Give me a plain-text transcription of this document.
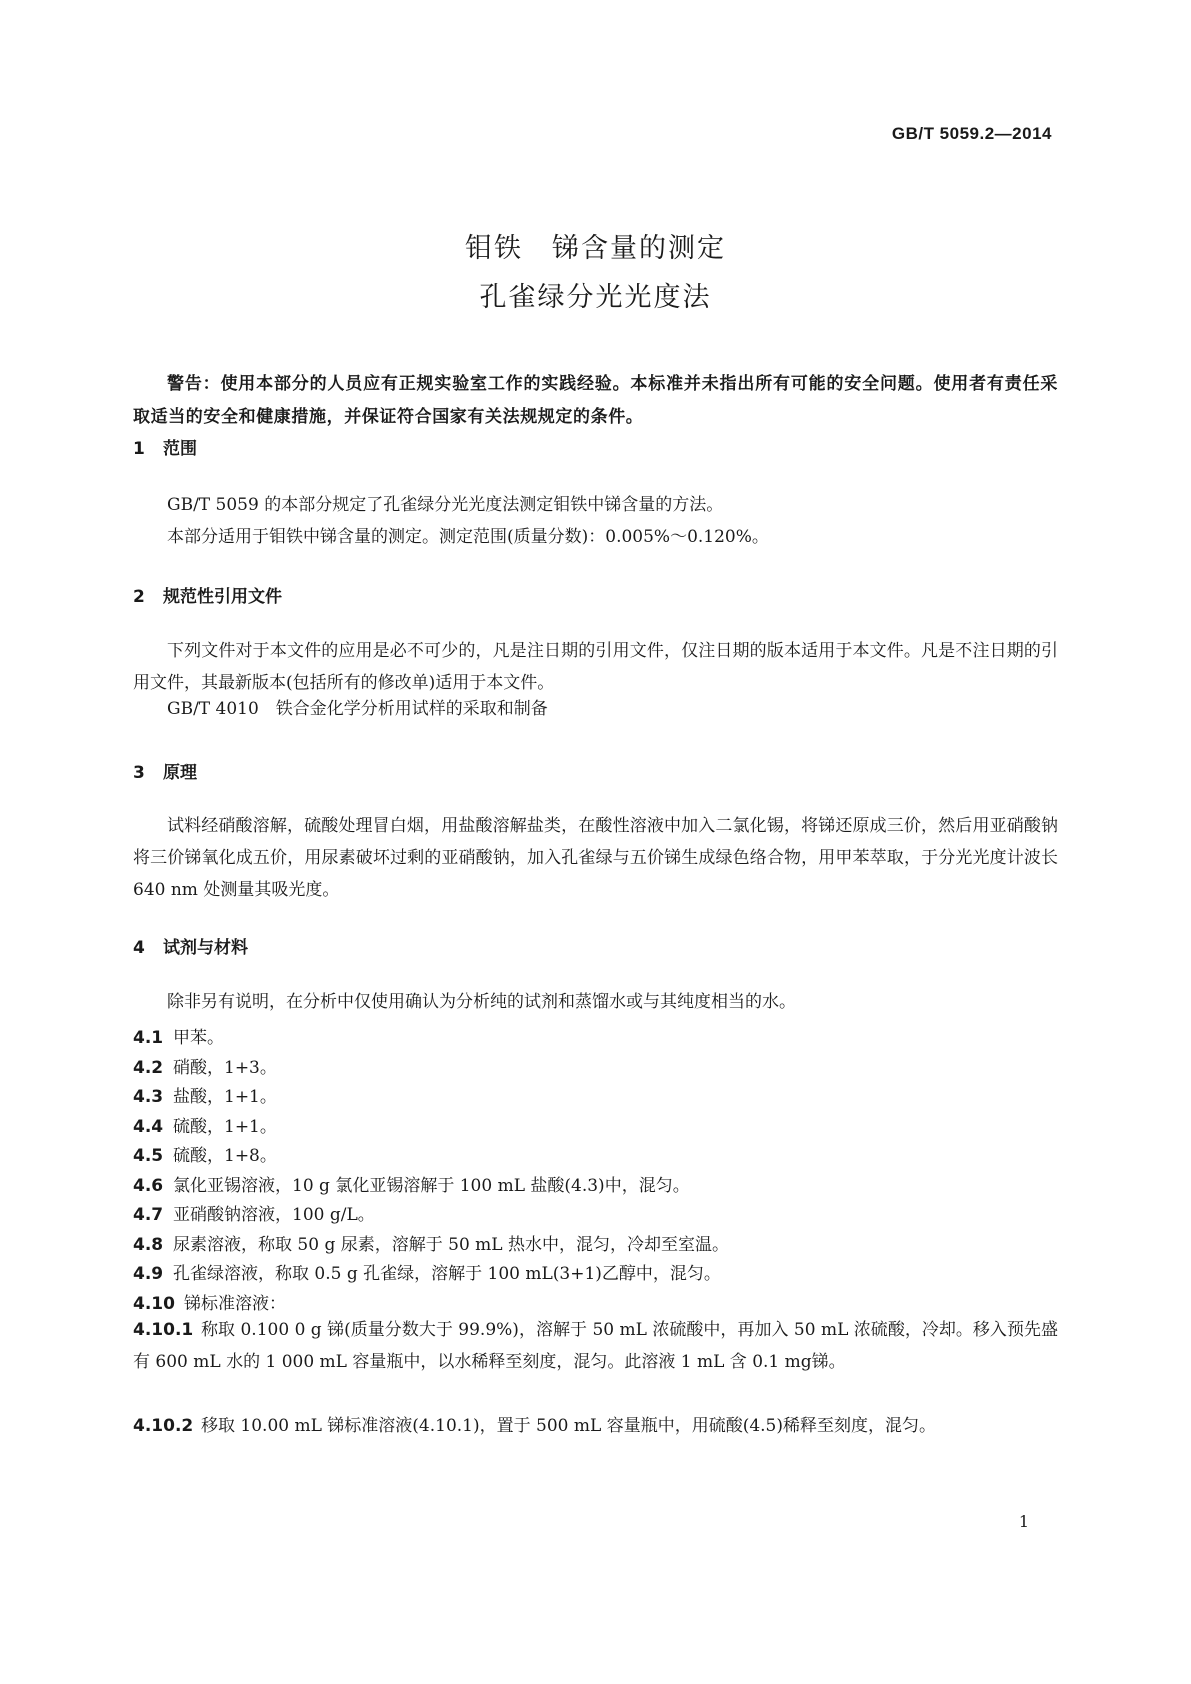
GB/T 5059.2—2014
钼铁　锑含量的测定
孔雀绿分光光度法
警告：使用本部分的人员应有正规实验室工作的实践经验。本标准并未指出所有可能的安全问题。使用者有责任采取适当的安全和健康措施，并保证符合国家有关法规规定的条件。
1 范围
GB/T 5059 的本部分规定了孔雀绿分光光度法测定钼铁中锑含量的方法。
本部分适用于钼铁中锑含量的测定。测定范围(质量分数)：0.005%～0.120%。
2 规范性引用文件
下列文件对于本文件的应用是必不可少的，凡是注日期的引用文件，仅注日期的版本适用于本文件。凡是不注日期的引用文件，其最新版本(包括所有的修改单)适用于本文件。
GB/T 4010　铁合金化学分析用试样的采取和制备
3 原理
试料经硝酸溶解，硫酸处理冒白烟，用盐酸溶解盐类，在酸性溶液中加入二氯化锡，将锑还原成三价，然后用亚硝酸钠将三价锑氧化成五价，用尿素破坏过剩的亚硝酸钠，加入孔雀绿与五价锑生成绿色络合物，用甲苯萃取，于分光光度计波长 640 nm 处测量其吸光度。
4 试剂与材料
除非另有说明，在分析中仅使用确认为分析纯的试剂和蒸馏水或与其纯度相当的水。
4.1 甲苯。
4.2 硝酸，1+3。
4.3 盐酸，1+1。
4.4 硫酸，1+1。
4.5 硫酸，1+8。
4.6 氯化亚锡溶液，10 g 氯化亚锡溶解于 100 mL 盐酸(4.3)中，混匀。
4.7 亚硝酸钠溶液，100 g/L。
4.8 尿素溶液，称取 50 g 尿素，溶解于 50 mL 热水中，混匀，冷却至室温。
4.9 孔雀绿溶液，称取 0.5 g 孔雀绿，溶解于 100 mL(3+1)乙醇中，混匀。
4.10 锑标准溶液：
4.10.1 称取 0.100 0 g 锑(质量分数大于 99.9%)，溶解于 50 mL 浓硫酸中，再加入 50 mL 浓硫酸，冷却。移入预先盛有 600 mL 水的 1 000 mL 容量瓶中，以水稀释至刻度，混匀。此溶液 1 mL 含 0.1 mg锑。
4.10.2 移取 10.00 mL 锑标准溶液(4.10.1)，置于 500 mL 容量瓶中，用硫酸(4.5)稀释至刻度，混匀。
1
